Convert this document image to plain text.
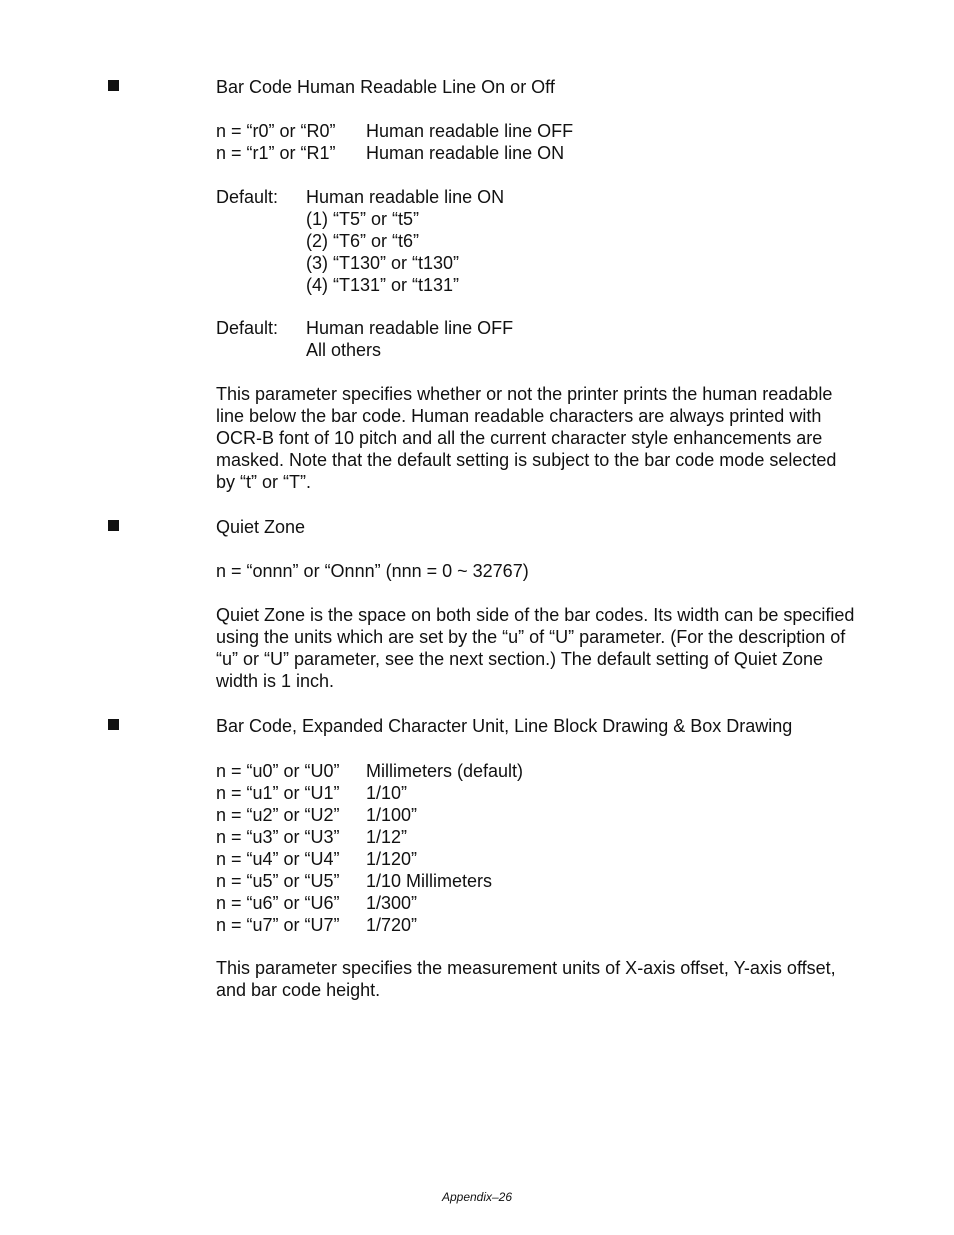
Bar Code Human Readable Line On or Off
n = “r0” or “R0” Human readable line OFF
n = “r1” or “R1” Human readable line ON
Default: Human readable line ON
(1) “T5” or “t5”
(2) “T6” or “t6”
(3) “T130” or “t130”
(4) “T131” or “t131”
Default: Human readable line OFF
All others

This parameter specifies whether or not the printer prints the human readable line below the bar code. Human readable characters are always printed with OCR-B font of 10 pitch and all the current character style enhancements are masked. Note that the default setting is subject to the bar code mode selected by “t” or “T”.

Quiet Zone
n = “onnn” or “Onnn” (nnn = 0 ~ 32767)

Quiet Zone is the space on both side of the bar codes. Its width can be specified using the units which are set by the “u” of “U” parameter. (For the description of “u” or “U” parameter, see the next section.) The default setting of Quiet Zone width is 1 inch.

Bar Code, Expanded Character Unit, Line Block Drawing & Box Drawing
n = “u0” or “U0” Millimeters (default)
n = “u1” or “U1” 1/10”
n = “u2” or “U2” 1/100”
n = “u3” or “U3” 1/12”
n = “u4” or “U4” 1/120”
n = “u5” or “U5” 1/10 Millimeters
n = “u6” or “U6” 1/300”
n = “u7” or “U7” 1/720”

This parameter specifies the measurement units of X-axis offset, Y-axis offset, and bar code height.

Appendix–26
